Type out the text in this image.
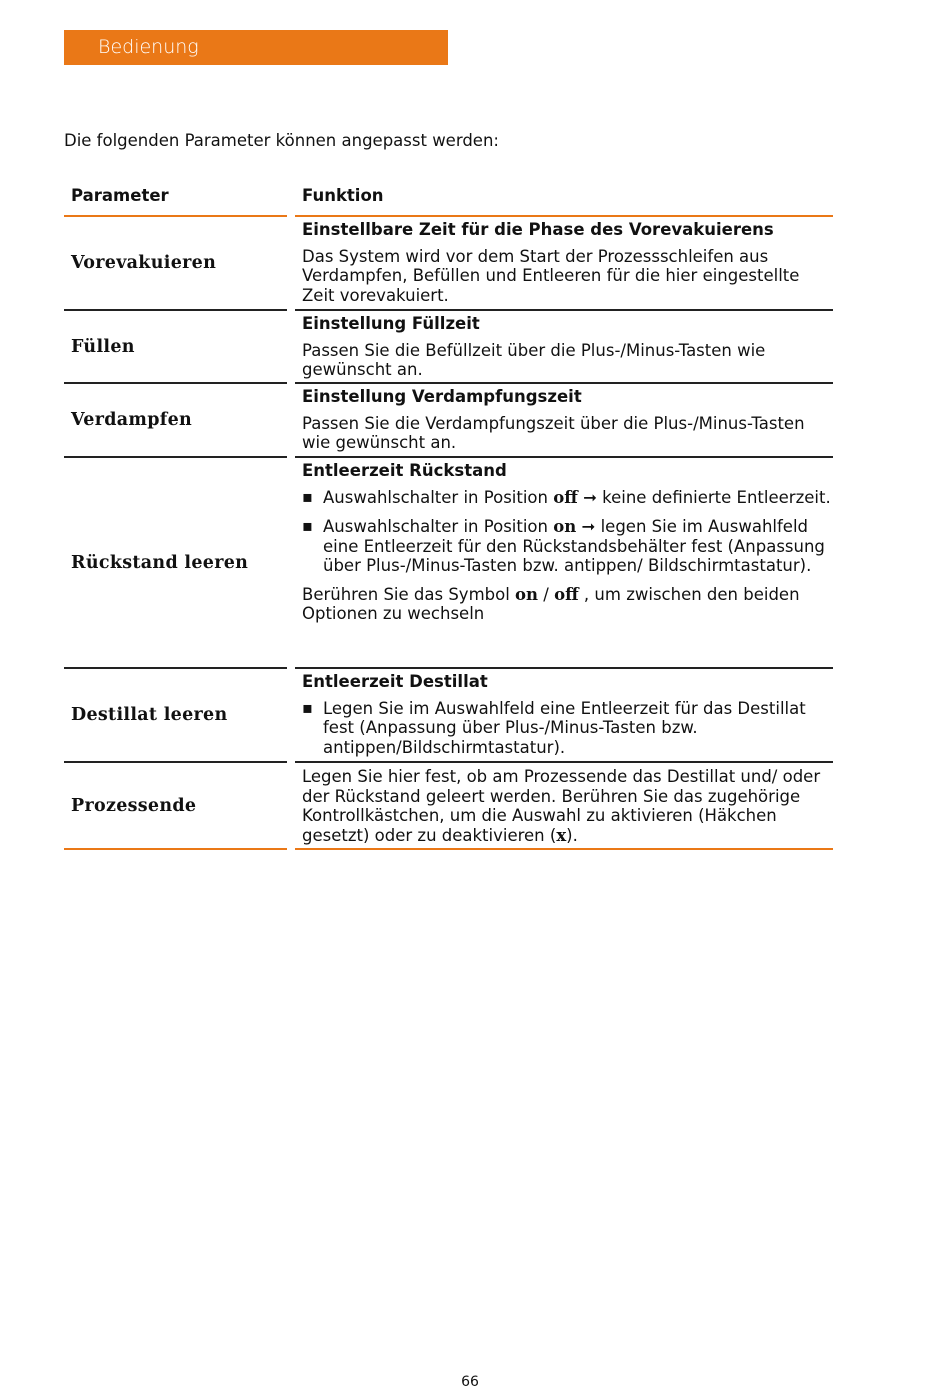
Bedienung
Die folgenden Parameter können angepasst werden:
Parameter	Funktion
Vorevakuieren
Einstellbare Zeit für die Phase des Vorevakuierens

Das System wird vor dem Start der Prozessschleifen aus Verdampfen, Befüllen und Entleeren für die hier eingestellte Zeit vorevakuiert.

Füllen
Einstellung Füllzeit

Passen Sie die Befüllzeit über die Plus-/Minus-Tasten wie gewünscht an.

Verdampfen
Einstellung Verdampfungszeit

Passen Sie die Verdampfungszeit über die Plus-/Minus-Tasten wie gewünscht an.

Rückstand leeren
Entleerzeit Rückstand
▪ Auswahlschalter in Position off ➞ keine definierte Entleerzeit.
▪ Auswahlschalter in Position on ➞ legen Sie im Auswahlfeld eine Entleerzeit für den Rückstandsbehälter fest (Anpassung über Plus-/Minus-Tasten bzw. antippen/ Bildschirmtastatur).

Berühren Sie das Symbol on / off , um zwischen den beiden Optionen zu wechseln

Destillat leeren
Entleerzeit Destillat
▪ Legen Sie im Auswahlfeld eine Entleerzeit für das Destillat fest (Anpassung über Plus-/Minus-Tasten bzw. antippen/Bildschirmtastatur).
Prozessende

Legen Sie hier fest, ob am Prozessende das Destillat und/ oder der Rückstand geleert werden. Berühren Sie das zugehörige Kontrollkästchen, um die Auswahl zu aktivieren (Häkchen gesetzt) oder zu deaktivieren (x).

66
